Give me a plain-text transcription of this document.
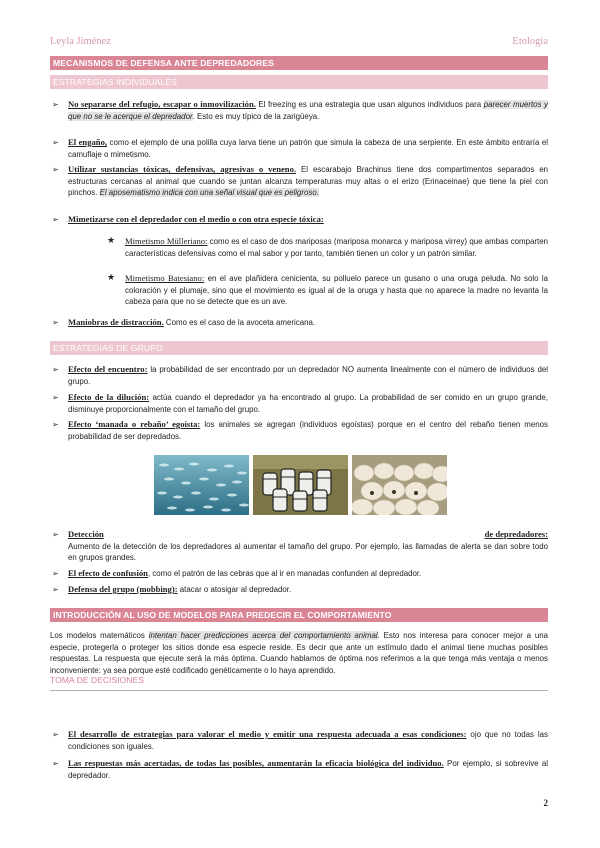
Leyla Jiménez	Etología
MECANISMOS DE DEFENSA ANTE DEPREDADORES
ESTRATEGIAS INDIVIDUALES
➢ No separarse del refugio, escapar o inmovilización. El freezing es una estrategia que usan algunos individuos para parecer muertos y que no se le acerque el depredador. Esto es muy típico de la zarigüeya.
➢ El engaño, como el ejemplo de una polilla cuya larva tiene un patrón que simula la cabeza de una serpiente. En este ámbito entraría el camuflaje o mimetismo.
➢ Utilizar sustancias tóxicas, defensivas, agresivas o veneno. El escarabajo Brachinus tiene dos compartimentos separados en estructuras cercanas al animal que cuando se juntan alcanza temperaturas muy altas o el erizo (Erinaceinae) que tiene la piel con pinchos. El aposematismo indica con una señal visual que es peligroso.
➢ Mimetizarse con el depredador con el medio o con otra especie tóxica:
★ Mimetismo Mülleriano: como es el caso de dos mariposas (mariposa monarca y mariposa virrey) que ambas comparten características defensivas como el mal sabor y por tanto, también tienen un color y un patrón similar.
★ Mimetismo Batesiano: en el ave plañidera cenicienta, su polluelo parece un gusano o una oruga peluda. No solo la coloración y el plumaje, sino que el movimiento es igual al de la oruga y hasta que no aparece la madre no levanta la cabeza para que no se detecte que es un ave.
➢ Maniobras de distracción. Como es el caso de la avoceta americana.
ESTRATEGIAS DE GRUPO
➢ Efecto del encuentro: la probabilidad de ser encontrado por un depredador NO aumenta linealmente con el número de individuos del grupo.
➢ Efecto de la dilución: actúa cuando el depredador ya ha encontrado al grupo. La probabilidad de ser comido en un grupo grande, disminuye proporcionalmente con el tamaño del grupo.
➢ Efecto ‘manada o rebaño’ egoísta: los animales se agregan (individuos egoístas) porque en el centro del rebaño tienen menos probabilidad de ser depredados.
➢ Detección	de depredadores:
Aumento de la detección de los depredadores al aumentar el tamaño del grupo. Por ejemplo, las llamadas de alerta se dan sobre todo en grupos grandes.
➢ El efecto de confusión, como el patrón de las cebras que al ir en manadas confunden al depredador.
➢ Defensa del grupo (mobbing): atacar o atosigar al depredador.
INTRODUCCIÓN AL USO DE MODELOS PARA PREDECIR EL COMPORTAMIENTO
Los modelos matemáticos intentan hacer predicciones acerca del comportamiento animal. Esto nos interesa para conocer mejor a una especie, protegerla o proteger los sitios donde esa especie reside. Es decir que ante un estímulo dado el animal tiene muchas posibles respuestas. La respuesta que ejecute será la más óptima. Cuando hablamos de óptima nos referimos a la que tenga más ventaja o menos inconveniente: ya sea porque esté codificado genéticamente o lo haya aprendido.
TOMA DE DECISIONES
➢ El desarrollo de estrategias para valorar el medio y emitir una respuesta adecuada a esas condiciones: ojo que no todas las condiciones son iguales.
➢ Las respuestas más acertadas, de todas las posibles, aumentarán la eficacia biológica del individuo. Por ejemplo, si sobrevive al depredador.
2
